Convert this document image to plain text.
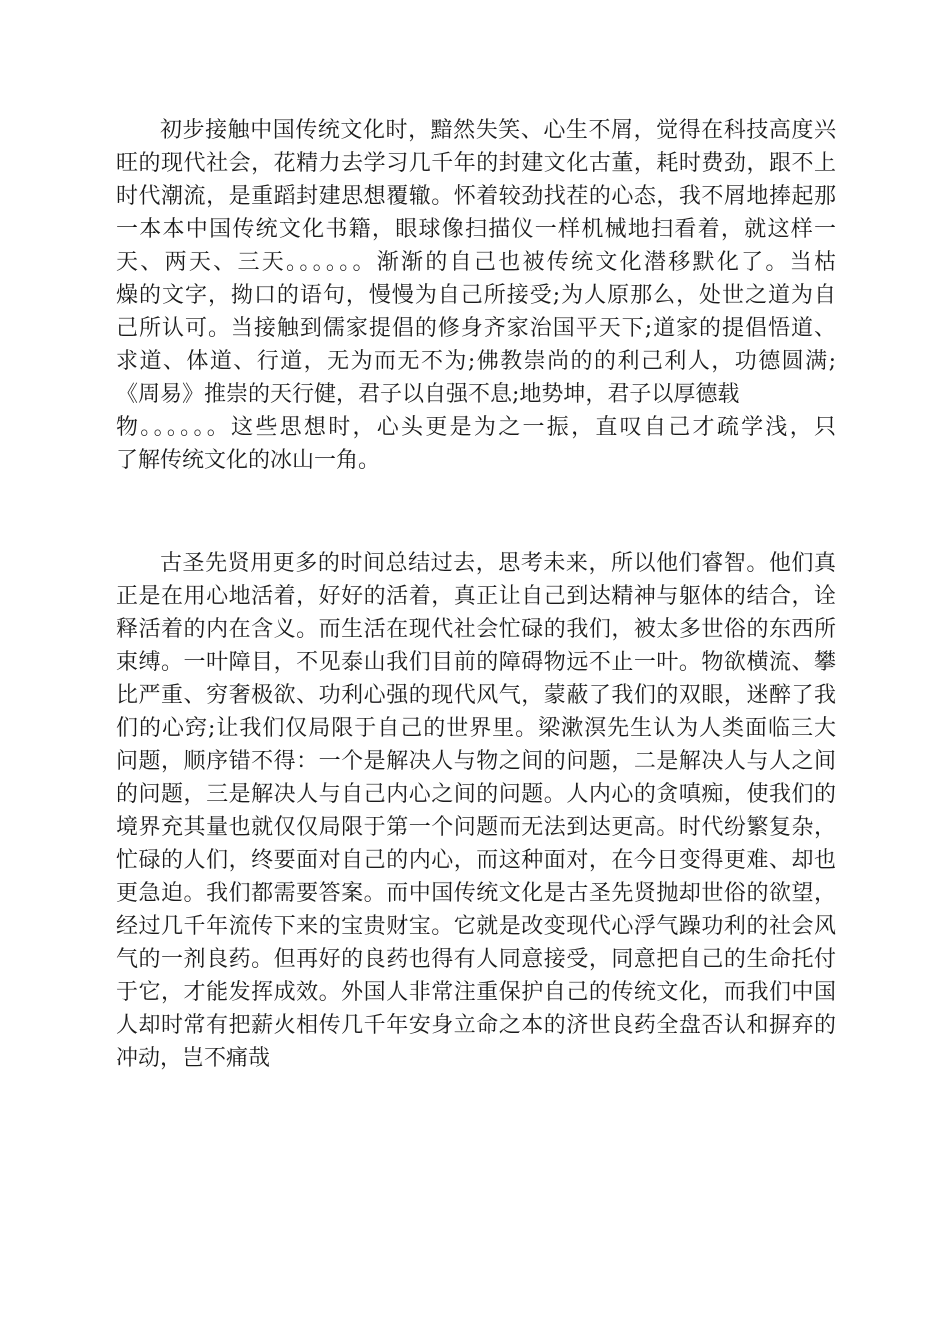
初步接触中国传统文化时，黯然失笑、心生不屑，觉得在科技高度兴
旺的现代社会，花精力去学习几千年的封建文化古董，耗时费劲，跟不上
时代潮流，是重蹈封建思想覆辙。怀着较劲找茬的心态，我不屑地捧起那
一本本中国传统文化书籍，眼球像扫描仪一样机械地扫看着，就这样一
天、两天、三天。。。。。。渐渐的自己也被传统文化潜移默化了。当枯
燥的文字，拗口的语句，慢慢为自己所接受;为人原那么，处世之道为自
己所认可。当接触到儒家提倡的修身齐家治国平天下;道家的提倡悟道、
求道、体道、行道，无为而无不为;佛教崇尚的的利己利人，功德圆满;
《周易》推崇的天行健，君子以自强不息;地势坤，君子以厚德载
物。。。。。。这些思想时，心头更是为之一振，直叹自己才疏学浅，只
了解传统文化的冰山一角。
古圣先贤用更多的时间总结过去，思考未来，所以他们睿智。他们真
正是在用心地活着，好好的活着，真正让自己到达精神与躯体的结合，诠
释活着的内在含义。而生活在现代社会忙碌的我们，被太多世俗的东西所
束缚。一叶障目，不见泰山我们目前的障碍物远不止一叶。物欲横流、攀
比严重、穷奢极欲、功利心强的现代风气，蒙蔽了我们的双眼，迷醉了我
们的心窍;让我们仅局限于自己的世界里。梁漱溟先生认为人类面临三大
问题，顺序错不得：一个是解决人与物之间的问题，二是解决人与人之间
的问题，三是解决人与自己内心之间的问题。人内心的贪嗔痴，使我们的
境界充其量也就仅仅局限于第一个问题而无法到达更高。时代纷繁复杂，
忙碌的人们，终要面对自己的内心，而这种面对，在今日变得更难、却也
更急迫。我们都需要答案。而中国传统文化是古圣先贤抛却世俗的欲望，
经过几千年流传下来的宝贵财宝。它就是改变现代心浮气躁功利的社会风
气的一剂良药。但再好的良药也得有人同意接受，同意把自己的生命托付
于它，才能发挥成效。外国人非常注重保护自己的传统文化，而我们中国
人却时常有把薪火相传几千年安身立命之本的济世良药全盘否认和摒弃的
冲动，岂不痛哉
